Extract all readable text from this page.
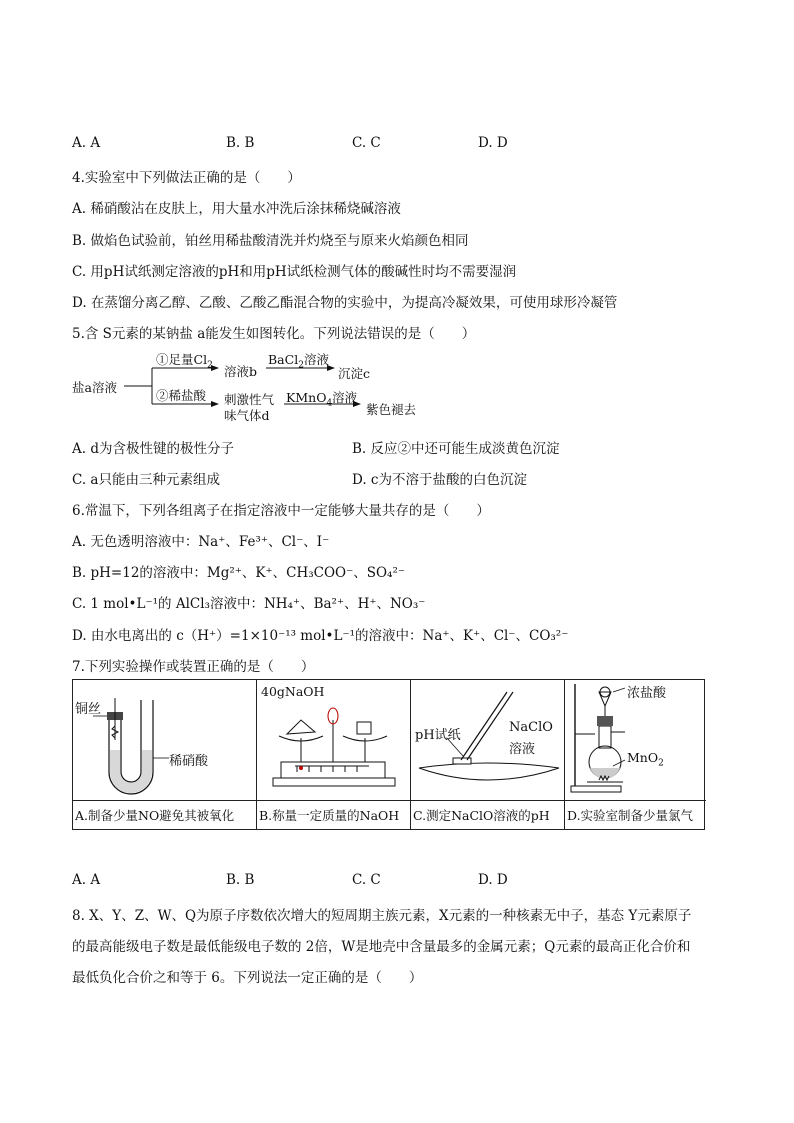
A. A	B. B	C. C	D. D
4.实验室中下列做法正确的是（　　）
A. 稀硝酸沾在皮肤上，用大量水冲洗后涂抹稀烧碱溶液
B. 做焰色试验前，铂丝用稀盐酸清洗并灼烧至与原来火焰颜色相同
C. 用pH试纸测定溶液的pH和用pH试纸检测气体的酸碱性时均不需要湿润
D. 在蒸馏分离乙醇、乙酸、乙酸乙酯混合物的实验中，为提高冷凝效果，可使用球形冷凝管
5.含 S元素的某钠盐 a能发生如图转化。下列说法错误的是（　　）
盐a溶液
①足量$Cl_2$ 溶液b
BaCl$_2$溶液
沉淀c
②稀盐酸 刺激性气
味气体d
KMnO$_4$溶液
紫色褪去
A. d为含极性键的极性分子	B. 反应②中还可能生成淡黄色沉淀
C. a只能由三种元素组成	D. c为不溶于盐酸的白色沉淀
6.常温下，下列各组离子在指定溶液中一定能够大量共存的是（　　）
A. 无色透明溶液中：Na⁺、Fe³⁺、Cl⁻、I⁻
B. pH=12的溶液中：Mg²⁺、K⁺、CH₃COO⁻、SO₄²⁻
C. 1 mol•L⁻¹的 AlCl₃溶液中：NH₄⁺、Ba²⁺、H⁺、NO₃⁻
D. 由水电离出的 c（H⁺）=1×10⁻¹³ mol•L⁻¹的溶液中：Na⁺、K⁺、Cl⁻、CO₃²⁻
7.下列实验操作或装置正确的是（　　）
铜丝
稀硝酸
A.制备少量NO避免其被氧化
40gNaOH
B.称量一定质量的NaOH
pH试纸
NaClO
溶液
C.测定NaClO溶液的pH
浓盐酸
MnO$_2$
D.实验室制备少量氯气
A. A	B. B	C. C	D. D
8. X、Y、Z、W、Q为原子序数依次增大的短周期主族元素，X元素的一种核素无中子，基态 Y元素原子
的最高能级电子数是最低能级电子数的 2倍，W是地壳中含量最多的金属元素；Q元素的最高正化合价和
最低负化合价之和等于 6。下列说法一定正确的是（　　）
